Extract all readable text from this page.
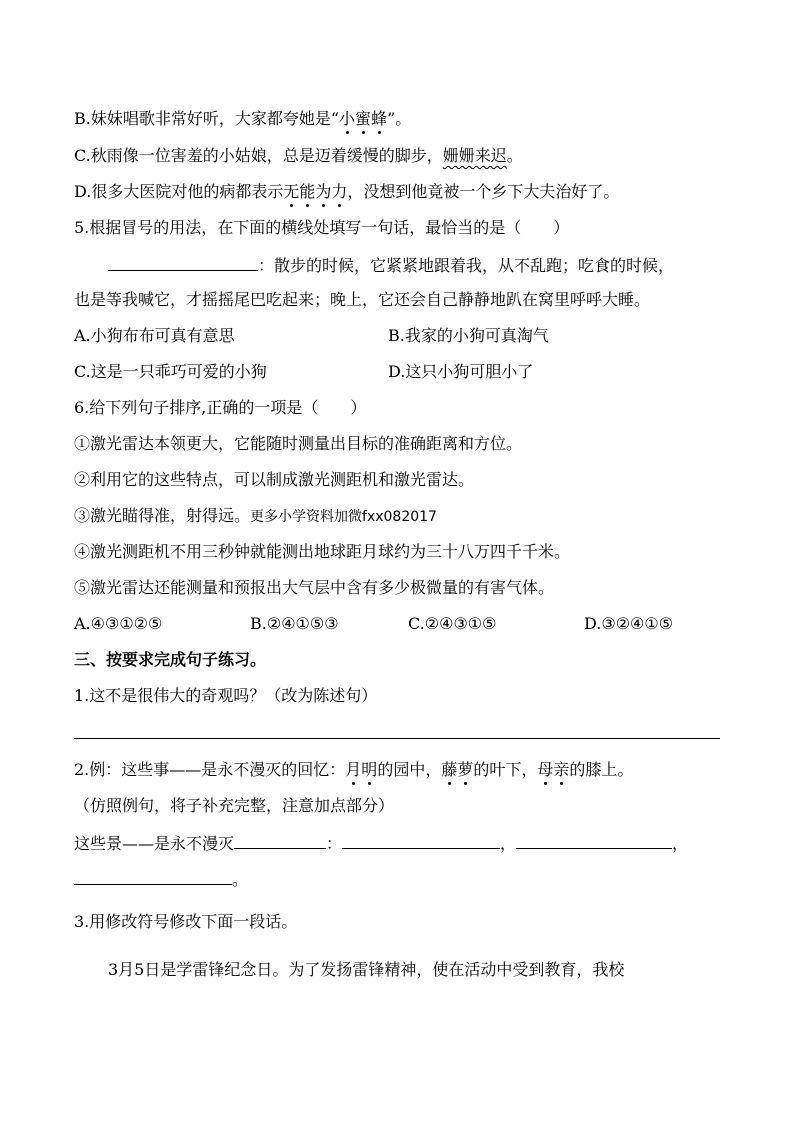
B.妹妹唱歌非常好听，大家都夸她是“小蜜蜂”。
C.秋雨像一位害羞的小姑娘，总是迈着缓慢的脚步，姗姗来迟。
D.很多大医院对他的病都表示无能为力，没想到他竟被一个乡下大夫治好了。
5.根据冒号的用法，在下面的横线处填写一句话，最恰当的是（　　）
：散步的时候，它紧紧地跟着我，从不乱跑；吃食的时候，
也是等我喊它，才摇摇尾巴吃起来；晚上，它还会自己静静地趴在窝里呼呼大睡。
A.小狗布布可真有意思	B.我家的小狗可真淘气
C.这是一只乖巧可爱的小狗	D.这只小狗可胆小了
6.给下列句子排序,正确的一项是（　　）
①激光雷达本领更大，它能随时测量出目标的准确距离和方位。
②利用它的这些特点，可以制成激光测距机和激光雷达。
③激光瞄得准，射得远。更多小学资料加微fxx082017
④激光测距机不用三秒钟就能测出地球距月球约为三十八万四千千米。
⑤激光雷达还能测量和预报出大气层中含有多少极微量的有害气体。
A.④③①②⑤	B.②④①⑤③	C.②④③①⑤	D.③②④①⑤
三、按要求完成句子练习。
1.这不是很伟大的奇观吗？（改为陈述句）
2.例：这些事——是永不漫灭的回忆：月明的园中，藤萝的叶下，母亲的膝上。
（仿照例句，将子补充完整，注意加点部分）
这些景——是永不漫灭	：	，	，
。
3.用修改符号修改下面一段话。
3月5日是学雷锋纪念日。为了发扬雷锋精神，使在活动中受到教育，我校
